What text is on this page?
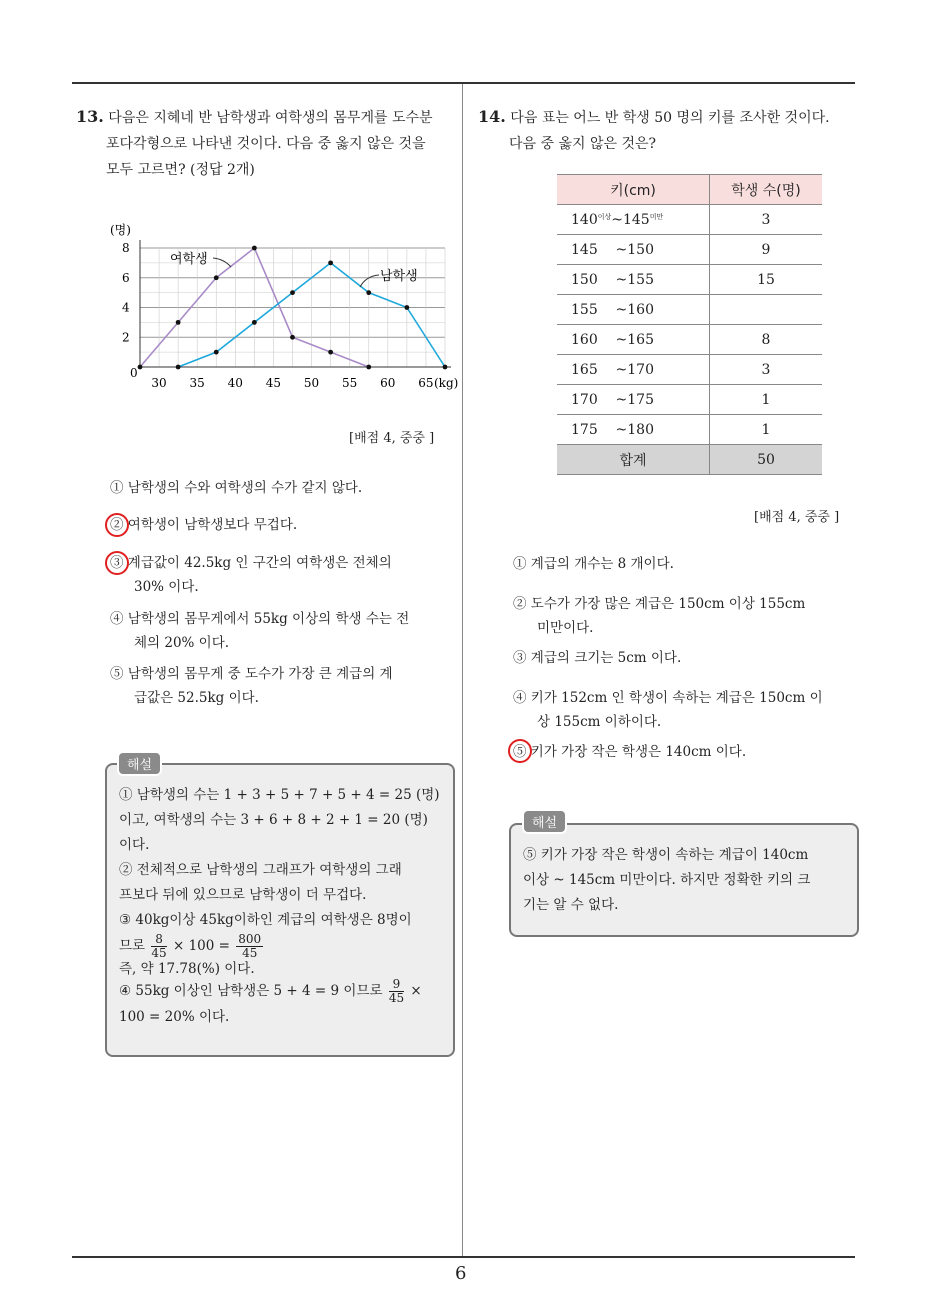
6
13. 다음은 지혜네 반 남학생과 여학생의 몸무게를 도수분
포다각형으로 나타낸 것이다. 다음 중 옳지 않은 것을
모두 고르면? (정답 2개)
0
2
4
6
8
30 35 40 45 50 55 60 65
(명)
(kg)
여학생
남학생
[배점 4, 중중 ]
① 남학생의 수와 여학생의 수가 같지 않다.
② 여학생이 남학생보다 무겁다.
③ 계급값이 42.5kg 인 구간의 여학생은 전체의
30% 이다.
④ 남학생의 몸무게에서 55kg 이상의 학생 수는 전
체의 20% 이다.
⑤ 남학생의 몸무게 중 도수가 가장 큰 계급의 계
급값은 52.5kg 이다.
① 남학생의 수는 1 + 3 + 5 + 7 + 5 + 4 = 25 (명)
이고, 여학생의 수는 3 + 6 + 8 + 2 + 1 = 20 (명)
이다.
② 전체적으로 남학생의 그래프가 여학생의 그래
프보다 뒤에 있으므로 남학생이 더 무겁다.
③ 40kg이상 45kg이하인 계급의 여학생은 8명이
므로 $\frac{8}{45} \times 100 = \frac{800}{45}$
즉, 약 17.78(%) 이다.
④ 55kg 이상인 남학생은 5 + 4 = 9 이므로 $\frac{9}{45}$ ×
100 = 20% 이다.
해설
14. 다음 표는 어느 반 학생 50 명의 키를 조사한 것이다.
다음 중 옳지 않은 것은?
키(cm)	학생 수(명)
$140^{이상}\sim 145^{미만}$	3
145    ~150	9
150    ~155	15
155    ~160	
160    ~165	8
165    ~170	3
170    ~175	1
175    ~180	1
합계	50
[배점 4, 중중 ]
① 계급의 개수는 8 개이다.
② 도수가 가장 많은 계급은 150cm 이상 155cm
미만이다.
③ 계급의 크기는 5cm 이다.
④ 키가 152cm 인 학생이 속하는 계급은 150cm 이
상 155cm 이하이다.
⑤ 키가 가장 작은 학생은 140cm 이다.
⑤ 키가 가장 작은 학생이 속하는 계급이 140cm
이상 ~ 145cm 미만이다. 하지만 정확한 키의 크
기는 알 수 없다.
해설
